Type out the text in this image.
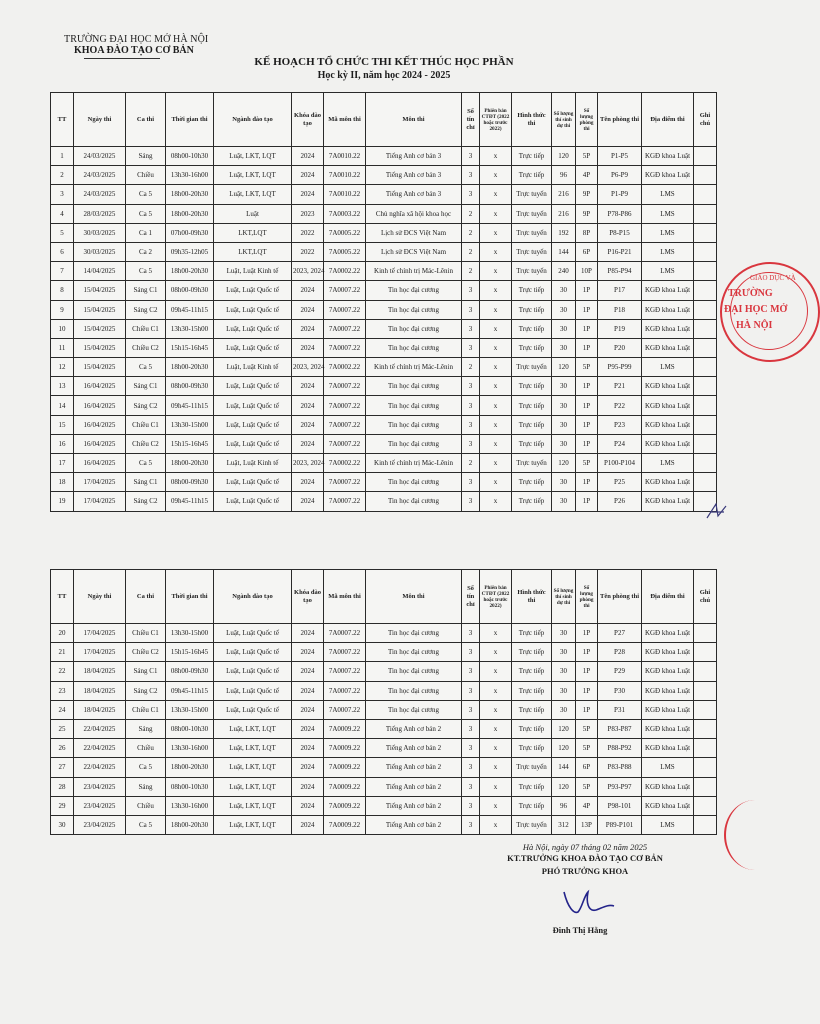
TRƯỜNG ĐẠI HỌC MỞ HÀ NỘI
KHOA ĐÀO TẠO CƠ BẢN
KẾ HOẠCH TỔ CHỨC THI KẾT THÚC HỌC PHẦN
Học kỳ II, năm học 2024 - 2025
TT	Ngày thi	Ca thi	Thời gian thi	Ngành đào tạo	Khóa đào tạo	Mã môn thi	Môn thi	Số tín chỉ	Phiên bản CTĐT (2022 hoặc trước 2022)	Hình thức thi	Số lượng thí sinh dự thi	Số lượng phòng thi	Tên phòng thi	Địa điểm thi	Ghi chú
1	24/03/2025	Sáng	08h00-10h30	Luật, LKT, LQT	2024	7A0010.22	Tiếng Anh cơ bản 3	3	x	Trực tiếp	120	5P	P1-P5	KGĐ khoa Luật	
2	24/03/2025	Chiều	13h30-16h00	Luật, LKT, LQT	2024	7A0010.22	Tiếng Anh cơ bản 3	3	x	Trực tiếp	96	4P	P6-P9	KGĐ khoa Luật	
3	24/03/2025	Ca 5	18h00-20h30	Luật, LKT, LQT	2024	7A0010.22	Tiếng Anh cơ bản 3	3	x	Trực tuyến	216	9P	P1-P9	LMS	
4	28/03/2025	Ca 5	18h00-20h30	Luật	2023	7A0003.22	Chủ nghĩa xã hội khoa học	2	x	Trực tuyến	216	9P	P78-P86	LMS	
5	30/03/2025	Ca 1	07h00-09h30	LKT,LQT	2022	7A0005.22	Lịch sử ĐCS Việt Nam	2	x	Trực tuyến	192	8P	P8-P15	LMS	
6	30/03/2025	Ca 2	09h35-12h05	LKT,LQT	2022	7A0005.22	Lịch sử ĐCS Việt Nam	2	x	Trực tuyến	144	6P	P16-P21	LMS	
7	14/04/2025	Ca 5	18h00-20h30	Luật, Luật Kinh tế	2023, 2024	7A0002.22	Kinh tế chính trị Mác-Lênin	2	x	Trực tuyến	240	10P	P85-P94	LMS	
8	15/04/2025	Sáng C1	08h00-09h30	Luật, Luật Quốc tế	2024	7A0007.22	Tin học đại cương	3	x	Trực tiếp	30	1P	P17	KGĐ khoa Luật	
9	15/04/2025	Sáng C2	09h45-11h15	Luật, Luật Quốc tế	2024	7A0007.22	Tin học đại cương	3	x	Trực tiếp	30	1P	P18	KGĐ khoa Luật	
10	15/04/2025	Chiều C1	13h30-15h00	Luật, Luật Quốc tế	2024	7A0007.22	Tin học đại cương	3	x	Trực tiếp	30	1P	P19	KGĐ khoa Luật	
11	15/04/2025	Chiều C2	15h15-16h45	Luật, Luật Quốc tế	2024	7A0007.22	Tin học đại cương	3	x	Trực tiếp	30	1P	P20	KGĐ khoa Luật	
12	15/04/2025	Ca 5	18h00-20h30	Luật, Luật Kinh tế	2023, 2024	7A0002.22	Kinh tế chính trị Mác-Lênin	2	x	Trực tuyến	120	5P	P95-P99	LMS	
13	16/04/2025	Sáng C1	08h00-09h30	Luật, Luật Quốc tế	2024	7A0007.22	Tin học đại cương	3	x	Trực tiếp	30	1P	P21	KGĐ khoa Luật	
14	16/04/2025	Sáng C2	09h45-11h15	Luật, Luật Quốc tế	2024	7A0007.22	Tin học đại cương	3	x	Trực tiếp	30	1P	P22	KGĐ khoa Luật	
15	16/04/2025	Chiều C1	13h30-15h00	Luật, Luật Quốc tế	2024	7A0007.22	Tin học đại cương	3	x	Trực tiếp	30	1P	P23	KGĐ khoa Luật	
16	16/04/2025	Chiều C2	15h15-16h45	Luật, Luật Quốc tế	2024	7A0007.22	Tin học đại cương	3	x	Trực tiếp	30	1P	P24	KGĐ khoa Luật	
17	16/04/2025	Ca 5	18h00-20h30	Luật, Luật Kinh tế	2023, 2024	7A0002.22	Kinh tế chính trị Mác-Lênin	2	x	Trực tuyến	120	5P	P100-P104	LMS	
18	17/04/2025	Sáng C1	08h00-09h30	Luật, Luật Quốc tế	2024	7A0007.22	Tin học đại cương	3	x	Trực tiếp	30	1P	P25	KGĐ khoa Luật	
19	17/04/2025	Sáng C2	09h45-11h15	Luật, Luật Quốc tế	2024	7A0007.22	Tin học đại cương	3	x	Trực tiếp	30	1P	P26	KGĐ khoa Luật	
TT	Ngày thi	Ca thi	Thời gian thi	Ngành đào tạo	Khóa đào tạo	Mã môn thi	Môn thi	Số tín chỉ	Phiên bản CTĐT (2022 hoặc trước 2022)	Hình thức thi	Số lượng thí sinh dự thi	Số lượng phòng thi	Tên phòng thi	Địa điểm thi	Ghi chú
20	17/04/2025	Chiều C1	13h30-15h00	Luật, Luật Quốc tế	2024	7A0007.22	Tin học đại cương	3	x	Trực tiếp	30	1P	P27	KGĐ khoa Luật	
21	17/04/2025	Chiều C2	15h15-16h45	Luật, Luật Quốc tế	2024	7A0007.22	Tin học đại cương	3	x	Trực tiếp	30	1P	P28	KGĐ khoa Luật	
22	18/04/2025	Sáng C1	08h00-09h30	Luật, Luật Quốc tế	2024	7A0007.22	Tin học đại cương	3	x	Trực tiếp	30	1P	P29	KGĐ khoa Luật	
23	18/04/2025	Sáng C2	09h45-11h15	Luật, Luật Quốc tế	2024	7A0007.22	Tin học đại cương	3	x	Trực tiếp	30	1P	P30	KGĐ khoa Luật	
24	18/04/2025	Chiều C1	13h30-15h00	Luật, Luật Quốc tế	2024	7A0007.22	Tin học đại cương	3	x	Trực tiếp	30	1P	P31	KGĐ khoa Luật	
25	22/04/2025	Sáng	08h00-10h30	Luật, LKT, LQT	2024	7A0009.22	Tiếng Anh cơ bản 2	3	x	Trực tiếp	120	5P	P83-P87	KGĐ khoa Luật	
26	22/04/2025	Chiều	13h30-16h00	Luật, LKT, LQT	2024	7A0009.22	Tiếng Anh cơ bản 2	3	x	Trực tiếp	120	5P	P88-P92	KGĐ khoa Luật	
27	22/04/2025	Ca 5	18h00-20h30	Luật, LKT, LQT	2024	7A0009.22	Tiếng Anh cơ bản 2	3	x	Trực tuyến	144	6P	P83-P88	LMS	
28	23/04/2025	Sáng	08h00-10h30	Luật, LKT, LQT	2024	7A0009.22	Tiếng Anh cơ bản 2	3	x	Trực tiếp	120	5P	P93-P97	KGĐ khoa Luật	
29	23/04/2025	Chiều	13h30-16h00	Luật, LKT, LQT	2024	7A0009.22	Tiếng Anh cơ bản 2	3	x	Trực tiếp	96	4P	P98-101	KGĐ khoa Luật	
30	23/04/2025	Ca 5	18h00-20h30	Luật, LKT, LQT	2024	7A0009.22	Tiếng Anh cơ bản 2	3	x	Trực tuyến	312	13P	P89-P101	LMS	
Hà Nội, ngày 07 tháng 02 năm 2025
KT.TRƯỞNG KHOA ĐÀO TẠO CƠ BẢN
PHÓ TRƯỞNG KHOA
Đinh Thị Hằng
GIÁO DỤC VÀ
TRƯỜNG
ĐẠI HỌC MỞ
HÀ NỘI
